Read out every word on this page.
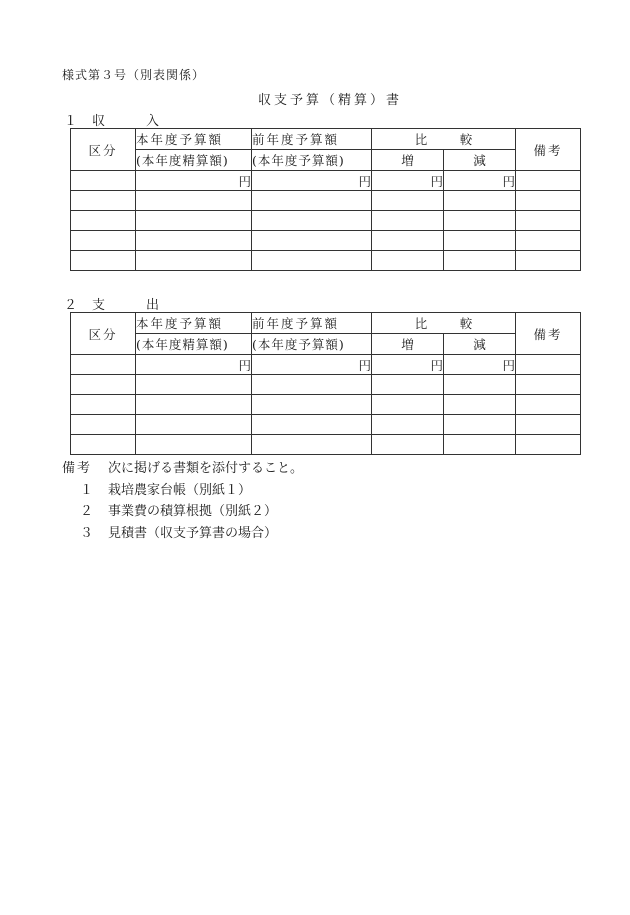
様式第３号（別表関係）
収支予算（精算）書
１ 収　入
区分	本年度予算額	前年度予算額	比　較		備考
	(本年度精算額)	(本年度予算額)	増	減	
	円	円	円	円	

２ 支　出
区分	本年度予算額	前年度予算額	比　較		備考
	(本年度精算額)	(本年度予算額)	増	減	
	円	円	円	円	

備考 次に掲げる書類を添付すること。
１ 栽培農家台帳（別紙１）
２ 事業費の積算根拠（別紙２）
３ 見積書（収支予算書の場合）
